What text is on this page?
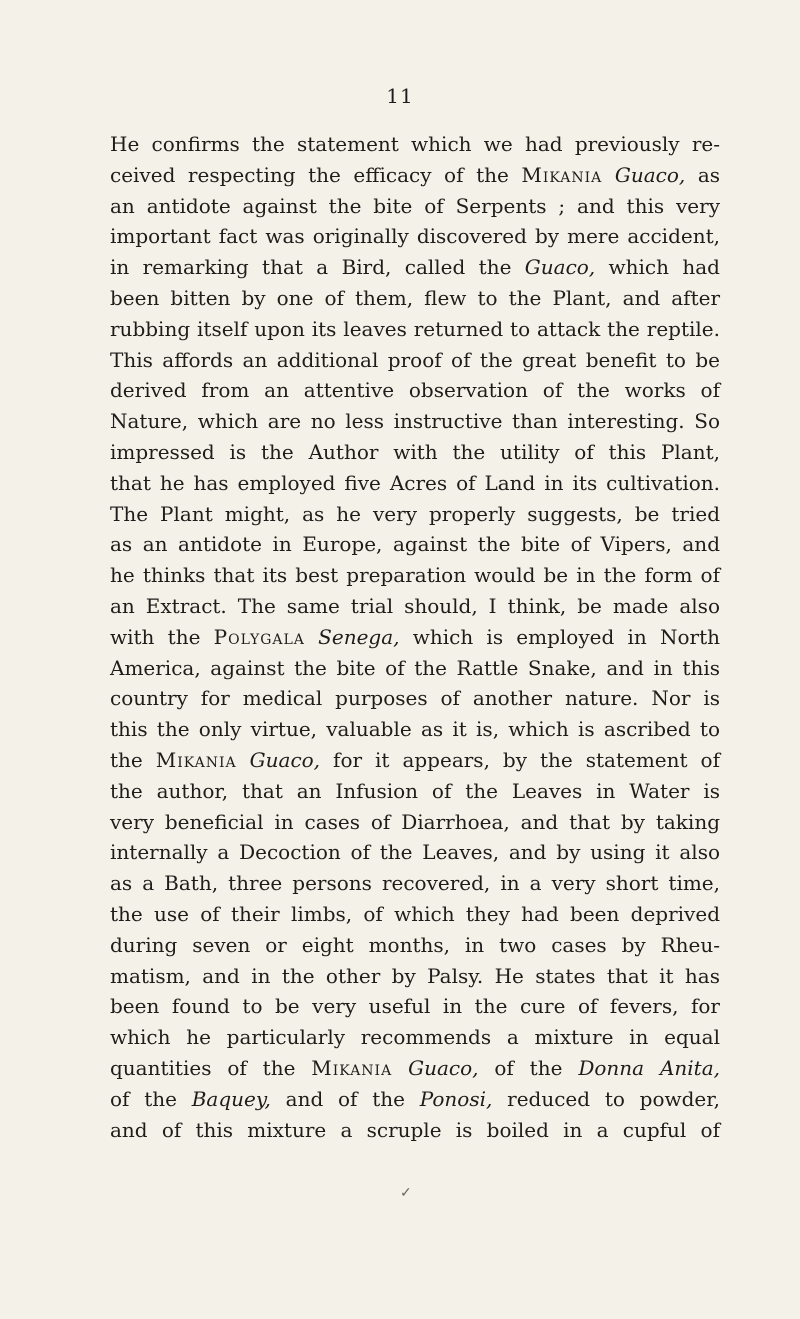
11
He confirms the statement which we had previously re-
ceived respecting the efficacy of the Mikania Guaco, as
an antidote against the bite of Serpents ; and this very
important fact was originally discovered by mere accident,
in remarking that a Bird, called the Guaco, which had
been bitten by one of them, flew to the Plant, and after
rubbing itself upon its leaves returned to attack the reptile.
This affords an additional proof of the great benefit to be
derived from an attentive observation of the works of
Nature, which are no less instructive than interesting. So
impressed is the Author with the utility of this Plant,
that he has employed five Acres of Land in its cultivation.
The Plant might, as he very properly suggests, be tried
as an antidote in Europe, against the bite of Vipers, and
he thinks that its best preparation would be in the form of
an Extract. The same trial should, I think, be made also
with the Polygala Senega, which is employed in North
America, against the bite of the Rattle Snake, and in this
country for medical purposes of another nature. Nor is
this the only virtue, valuable as it is, which is ascribed to
the Mikania Guaco, for it appears, by the statement of
the author, that an Infusion of the Leaves in Water is
very beneficial in cases of Diarrhoea, and that by taking
internally a Decoction of the Leaves, and by using it also
as a Bath, three persons recovered, in a very short time,
the use of their limbs, of which they had been deprived
during seven or eight months, in two cases by Rheu-
matism, and in the other by Palsy. He states that it has
been found to be very useful in the cure of fevers, for
which he particularly recommends a mixture in equal
quantities of the Mikania Guaco, of the Donna Anita,
of the Baquey, and of the Ponosi, reduced to powder,
and of this mixture a scruple is boiled in a cupful of
✓
